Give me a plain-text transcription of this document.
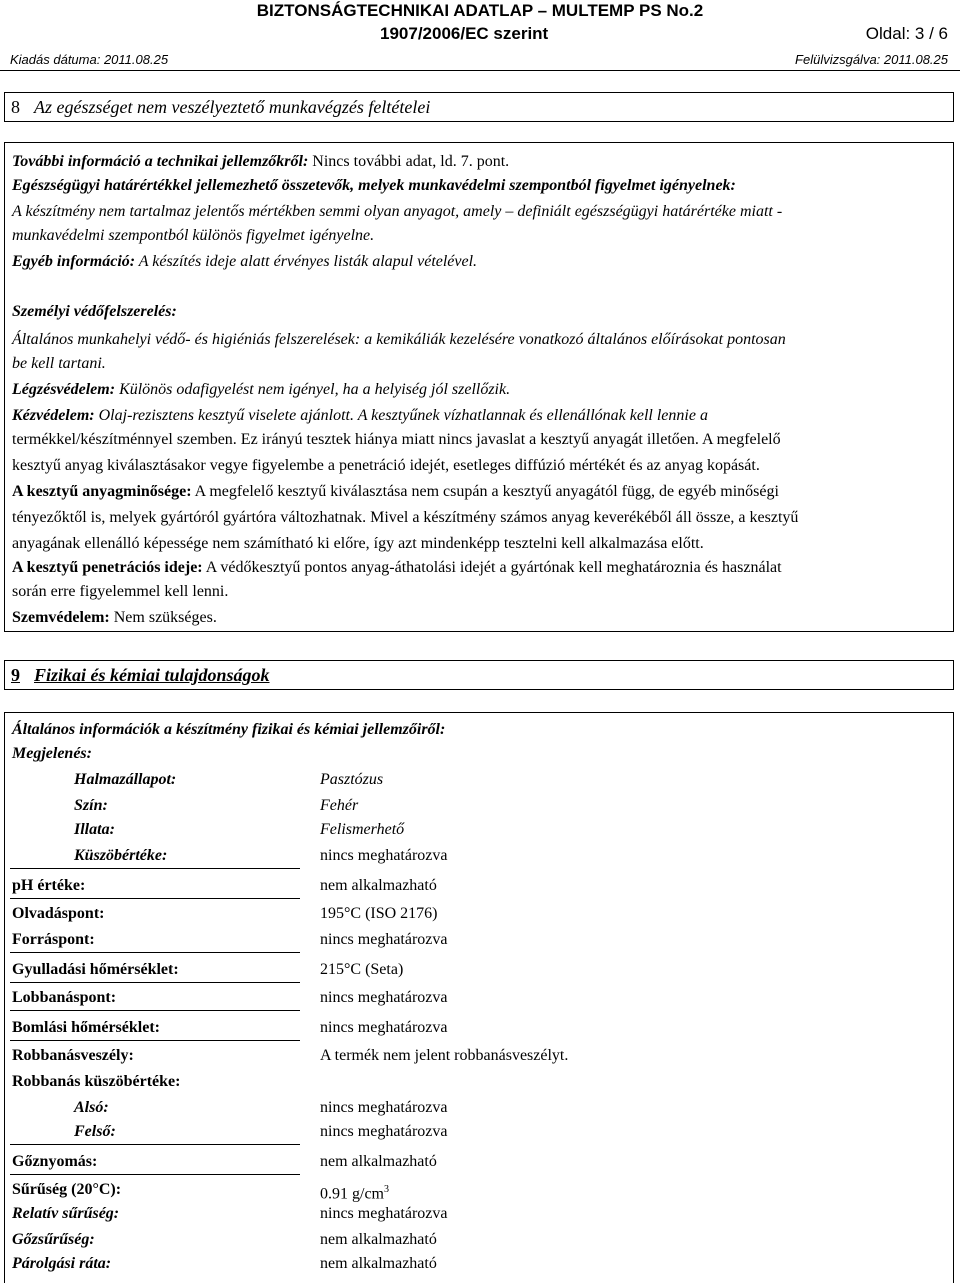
BIZTONSÁGTECHNIKAI ADATLAP – MULTEMP PS No.2
1907/2006/EC szerint	Oldal: 3 / 6
Kiadás dátuma: 2011.08.25	Felülvizsgálva: 2011.08.25
8 Az egészséget nem veszélyeztető munkavégzés feltételei
További információ a technikai jellemzőkről: Nincs további adat, ld. 7. pont.
Egészségügyi határértékkel jellemezhető összetevők, melyek munkavédelmi szempontból figyelmet igényelnek:
A készítmény nem tartalmaz jelentős mértékben semmi olyan anyagot, amely – definiált egészségügyi határértéke miatt -
munkavédelmi szempontból különös figyelmet igényelne.
Egyéb információ: A készítés ideje alatt érvényes listák alapul vételével.
Személyi védőfelszerelés:
Általános munkahelyi védő- és higiéniás felszerelések: a kemikáliák kezelésére vonatkozó általános előírásokat pontosan
be kell tartani.
Légzésvédelem: Különös odafigyelést nem igényel, ha a helyiség jól szellőzik.
Kézvédelem: Olaj-rezisztens kesztyű viselete ajánlott. A kesztyűnek vízhatlannak és ellenállónak kell lennie a
termékkel/készítménnyel szemben. Ez irányú tesztek hiánya miatt nincs javaslat a kesztyű anyagát illetően. A megfelelő
kesztyű anyag kiválasztásakor vegye figyelembe a penetráció idejét, esetleges diffúzió mértékét és az anyag kopását.
A kesztyű anyagminősége: A megfelelő kesztyű kiválasztása nem csupán a kesztyű anyagától függ, de egyéb minőségi
tényezőktől is, melyek gyártóról gyártóra változhatnak. Mivel a készítmény számos anyag keverékéből áll össze, a kesztyű
anyagának ellenálló képessége nem számítható ki előre, így azt mindenképp tesztelni kell alkalmazása előtt.
A kesztyű penetrációs ideje: A védőkesztyű pontos anyag-áthatolási idejét a gyártónak kell meghatároznia és használat
során erre figyelemmel kell lenni.
Szemvédelem: Nem szükséges.
9 Fizikai és kémiai tulajdonságok
Általános információk a készítmény fizikai és kémiai jellemzőiről:
Megjelenés:
Halmazállapot:	Pasztózus
Szín:	Fehér
Illata:	Felismerhető
Küszöbértéke:	nincs meghatározva
pH értéke:	nem alkalmazható
Olvadáspont:	195°C (ISO 2176)
Forráspont:	nincs meghatározva
Gyulladási hőmérséklet:	215°C (Seta)
Lobbanáspont:	nincs meghatározva
Bomlási hőmérséklet:	nincs meghatározva
Robbanásveszély:	A termék nem jelent robbanásveszélyt.
Robbanás küszöbértéke:
Alsó:	nincs meghatározva
Felső:	nincs meghatározva
Gőznyomás:	nem alkalmazható
Sűrűség (20°C):	0.91 $g/cm^3$
Relatív sűrűség:	nincs meghatározva
Gőzsűrűség:	nem alkalmazható
Párolgási ráta:	nem alkalmazható
